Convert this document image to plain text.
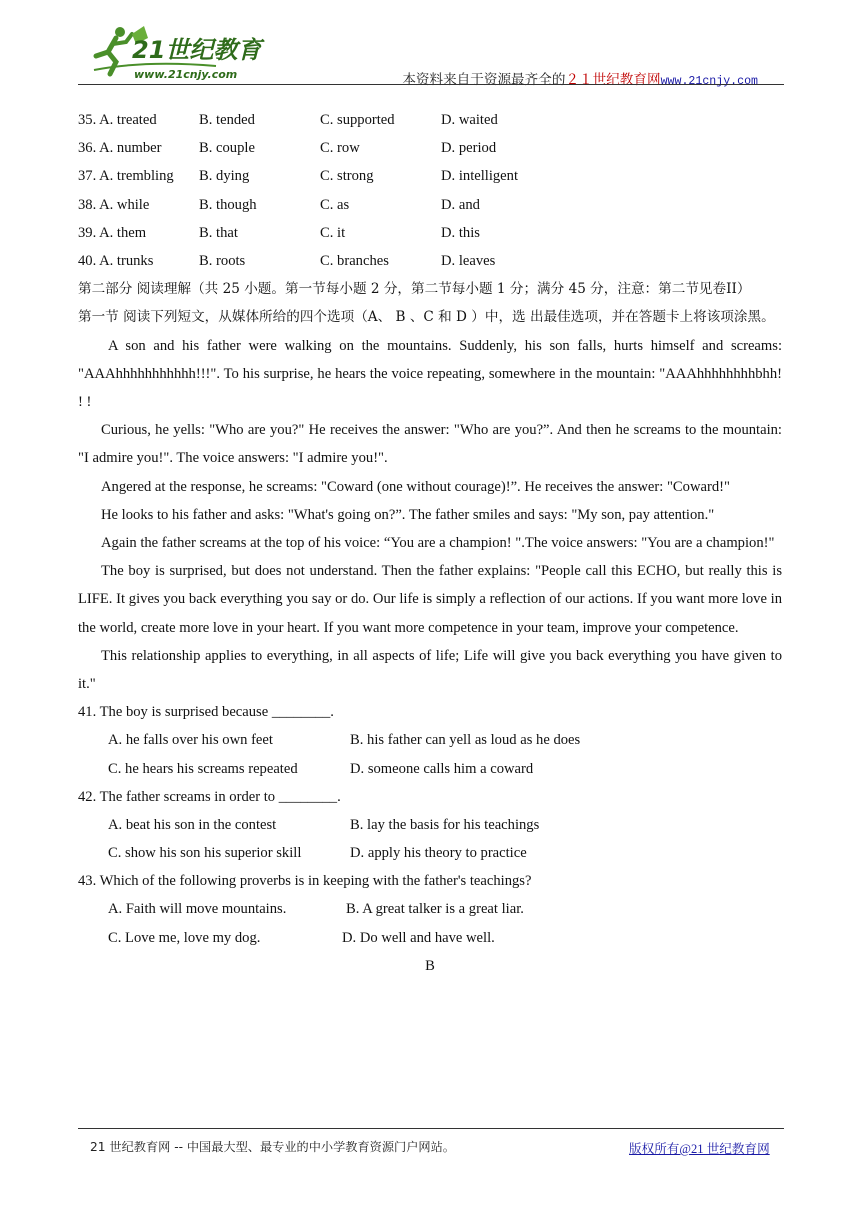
21世纪教育
www.21cnjy.com	本资料来自于资源最齐全的２１世纪教育网www.21cnjy.com
35. A. treated	B. tended	C. supported	D. waited
36. A. number	B. couple	C. row	D. period
37. A. trembling B. dying	C. strong	D. intelligent
38. A. while	B. though	C. as	D. and
39. A. them	B. that	C. it	D. this
40. A. trunks	B. roots	C. branches	D. leaves

第二部分 阅读理解（共 25 小题。第一节每小题 2 分，第二节每小题 1 分；满分 45 分，注意：第二节见卷II）

第一节 阅读下列短文，从媒体所给的四个选项（A、 B 、C 和 D ）中，选 出最佳选项，并在答题卡上将该项涂黑。

A son and his father were walking on the mountains. Suddenly, his son falls, hurts himself and screams: "AAAhhhhhhhhhhh!!!". To his surprise, he hears the voice repeating, somewhere in the mountain: "AAAhhhhhhhhbhh! ! !

Curious, he yells: "Who are you?" He receives the answer: "Who are you?”. And then he screams to the mountain: "I admire you!". The voice answers: "I admire you!".

Angered at the response, he screams: "Coward (one without courage)!”. He receives the answer: "Coward!"

He looks to his father and asks: "What's going on?”. The father smiles and says: "My son, pay attention."

Again the father screams at the top of his voice: “You are a champion! ".The voice answers: "You are a champion!"

The boy is surprised, but does not understand. Then the father explains: "People call this ECHO, but really this is LIFE. It gives you back everything you say or do. Our life is simply a reflection of our actions. If you want more love in the world, create more love in your heart. If you want more competence in your team, improve your competence.

This relationship applies to everything, in all aspects of life; Life will give you back everything you have given to it."

41. The boy is surprised because ________.
A. he falls over his own feet	B. his father can yell as loud as he does
C. he hears his screams repeated	D. someone calls him a coward
42. The father screams in order to ________.
A. beat his son in the contest	B. lay the basis for his teachings
C. show his son his superior skill	D. apply his theory to practice
43. Which of the following proverbs is in keeping with the father's teachings?
A. Faith will move mountains.	B. A great talker is a great liar.
C. Love me, love my dog.	D. Do well and have well.
B
21 世纪教育网 -- 中国最大型、最专业的中小学教育资源门户网站。	版权所有@21 世纪教育网
